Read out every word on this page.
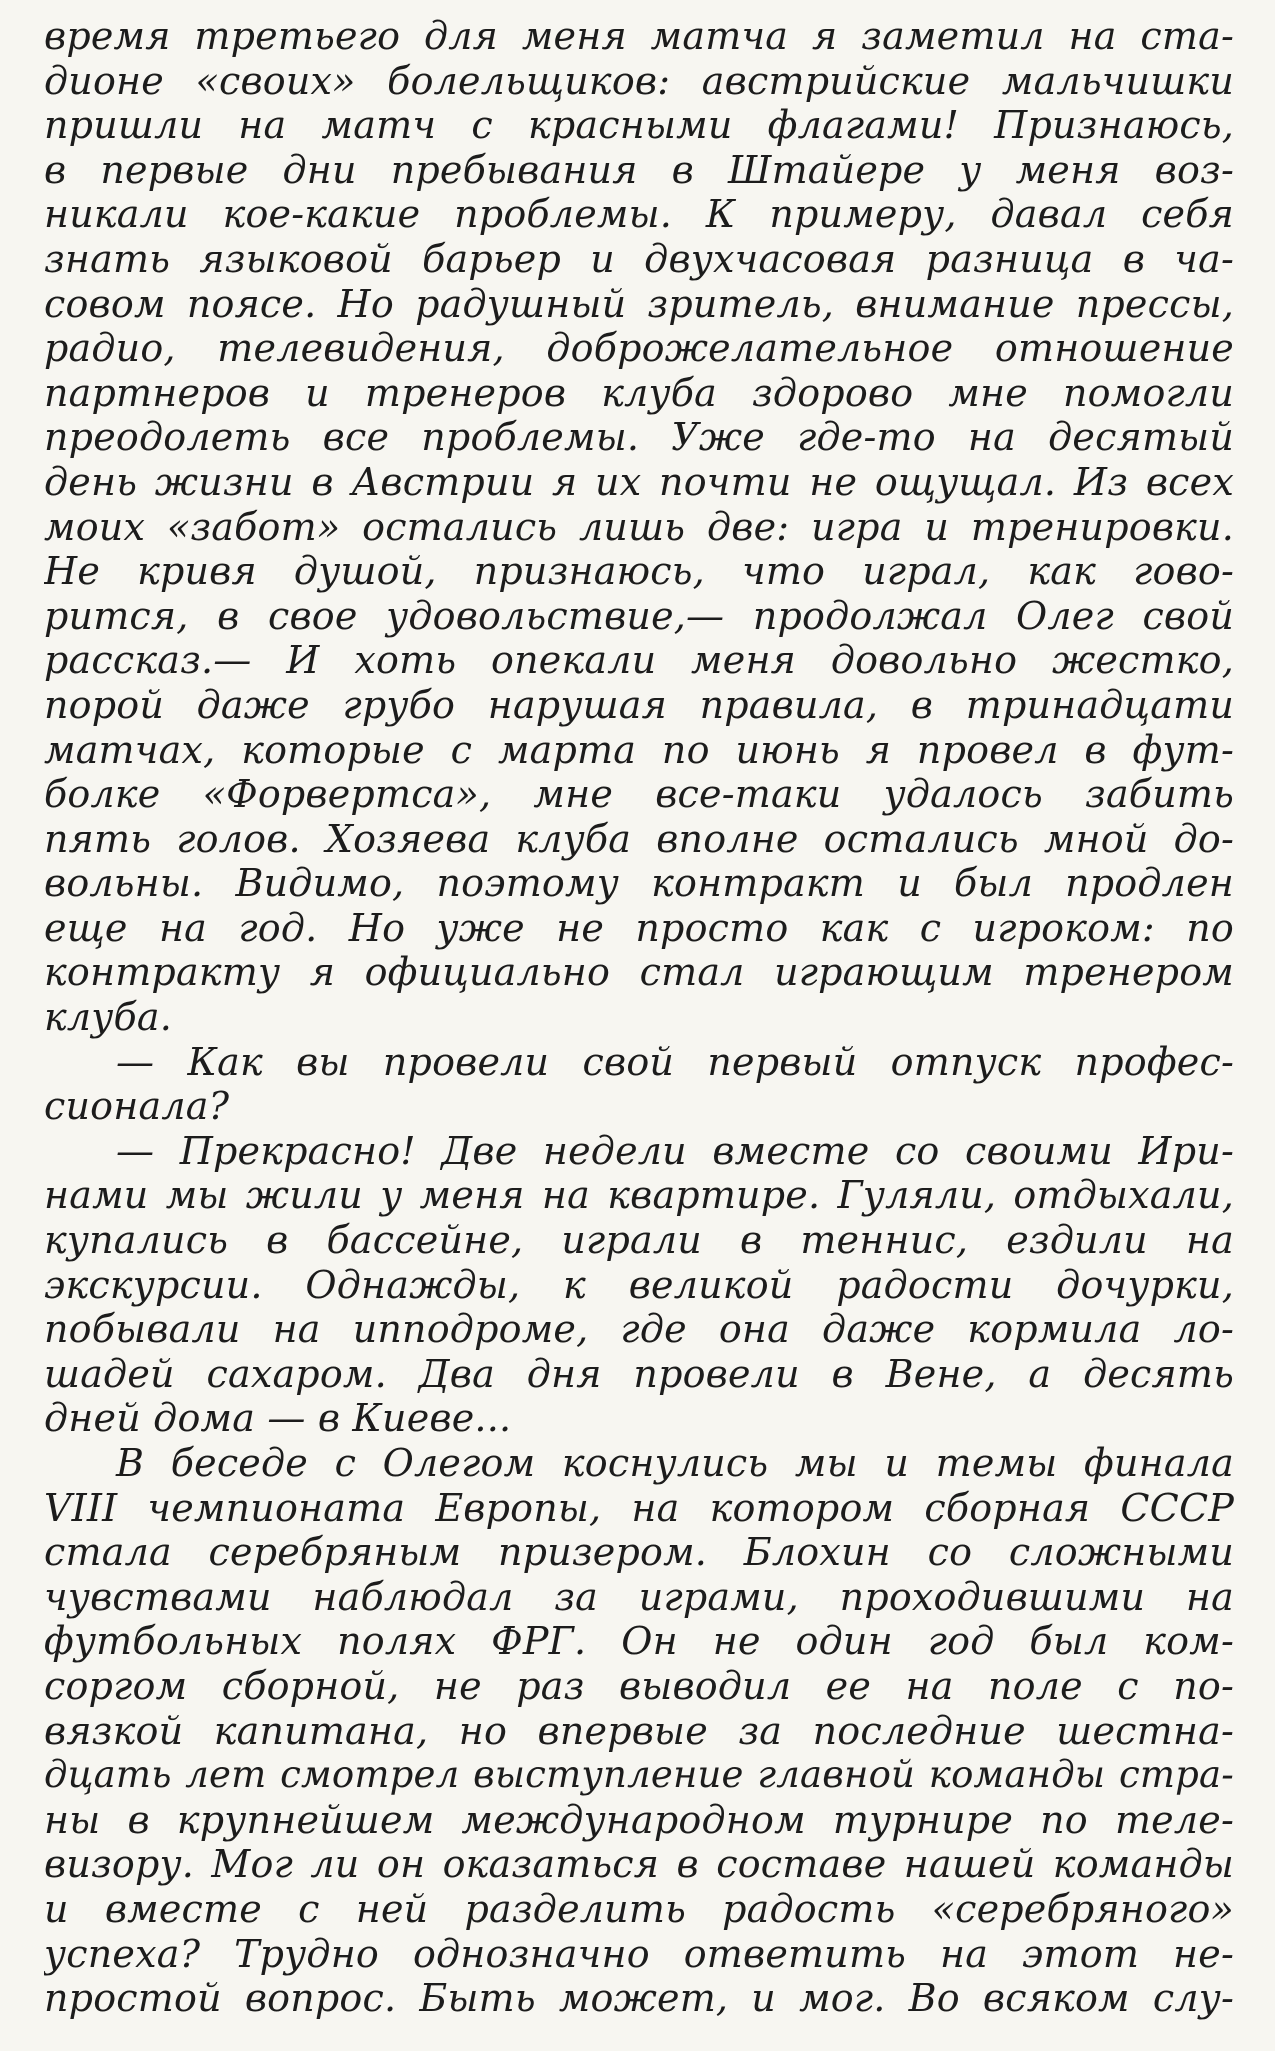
время третьего для меня матча я заметил на ста-
дионе «своих» болельщиков: австрийские мальчишки
пришли на матч с красными флагами! Признаюсь,
в первые дни пребывания в Штайере у меня воз-
никали кое-какие проблемы. К примеру, давал себя
знать языковой барьер и двухчасовая разница в ча-
совом поясе. Но радушный зритель, внимание прессы,
радио, телевидения, доброжелательное отношение
партнеров и тренеров клуба здорово мне помогли
преодолеть все проблемы. Уже где-то на десятый
день жизни в Австрии я их почти не ощущал. Из всех
моих «забот» остались лишь две: игра и тренировки.
Не кривя душой, признаюсь, что играл, как гово-
рится, в свое удовольствие,— продолжал Олег свой
рассказ.— И хоть опекали меня довольно жестко,
порой даже грубо нарушая правила, в тринадцати
матчах, которые с марта по июнь я провел в фут-
болке «Форвертса», мне все-таки удалось забить
пять голов. Хозяева клуба вполне остались мной до-
вольны. Видимо, поэтому контракт и был продлен
еще на год. Но уже не просто как с игроком: по
контракту я официально стал играющим тренером
клуба.
— Как вы провели свой первый отпуск профес-
сионала?
— Прекрасно! Две недели вместе со своими Ири-
нами мы жили у меня на квартире. Гуляли, отдыхали,
купались в бассейне, играли в теннис, ездили на
экскурсии. Однажды, к великой радости дочурки,
побывали на ипподроме, где она даже кормила ло-
шадей сахаром. Два дня провели в Вене, а десять
дней дома — в Киеве...
В беседе с Олегом коснулись мы и темы финала
VIII чемпионата Европы, на котором сборная СССР
стала серебряным призером. Блохин со сложными
чувствами наблюдал за играми, проходившими на
футбольных полях ФРГ. Он не один год был ком-
соргом сборной, не раз выводил ее на поле с по-
вязкой капитана, но впервые за последние шестна-
дцать лет смотрел выступление главной команды стра-
ны в крупнейшем международном турнире по теле-
визору. Мог ли он оказаться в составе нашей команды
и вместе с ней разделить радость «серебряного»
успеха? Трудно однозначно ответить на этот не-
простой вопрос. Быть может, и мог. Во всяком слу-
